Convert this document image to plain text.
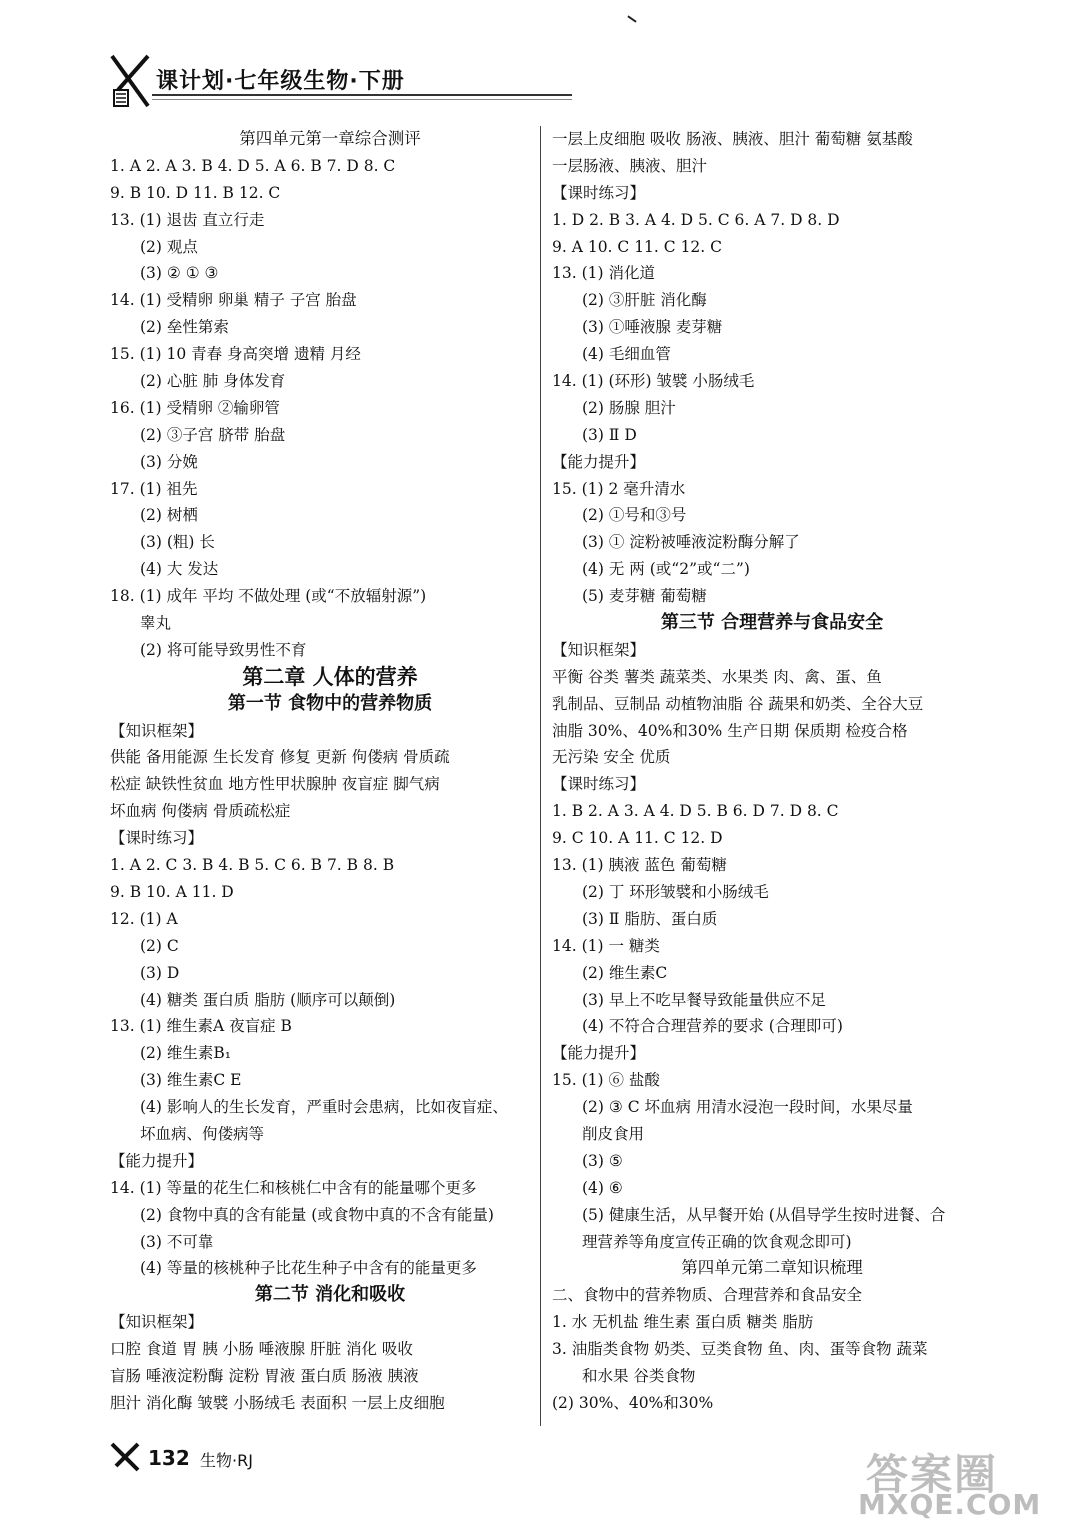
课计划·七年级生物·下册
第四单元第一章综合测评
1. A 2. A 3. B 4. D 5. A 6. B 7. D 8. C
9. B 10. D 11. B 12. C
13. (1) 退齿 直立行走
(2) 观点
(3) ② ① ③
14. (1) 受精卵 卵巢 精子 子宫 胎盘
(2) 垒性第索
15. (1) 10 青春 身高突增 遗精 月经
(2) 心脏 肺 身体发育
16. (1) 受精卵 ②输卵管
(2) ③子宫 脐带 胎盘
(3) 分娩
17. (1) 祖先
(2) 树栖
(3) (粗) 长
(4) 大 发达
18. (1) 成年 平均 不做处理 (或“不放辐射源”)
睾丸
(2) 将可能导致男性不育
第二章 人体的营养
第一节 食物中的营养物质
【知识框架】
供能 备用能源 生长发育 修复 更新 佝偻病 骨质疏
松症 缺铁性贫血 地方性甲状腺肿 夜盲症 脚气病
坏血病 佝偻病 骨质疏松症
【课时练习】
1. A 2. C 3. B 4. B 5. C 6. B 7. B 8. B
9. B 10. A 11. D
12. (1) A
(2) C
(3) D
(4) 糖类 蛋白质 脂肪 (顺序可以颠倒)
13. (1) 维生素A 夜盲症 B
(2) 维生素B₁
(3) 维生素C E
(4) 影响人的生长发育，严重时会患病，比如夜盲症、
坏血病、佝偻病等
【能力提升】
14. (1) 等量的花生仁和核桃仁中含有的能量哪个更多
(2) 食物中真的含有能量 (或食物中真的不含有能量)
(3) 不可靠
(4) 等量的核桃种子比花生种子中含有的能量更多
第二节 消化和吸收
【知识框架】
口腔 食道 胃 胰 小肠 唾液腺 肝脏 消化 吸收
盲肠 唾液淀粉酶 淀粉 胃液 蛋白质 肠液 胰液
胆汁 消化酶 皱襞 小肠绒毛 表面积 一层上皮细胞
一层上皮细胞 吸收 肠液、胰液、胆汁 葡萄糖 氨基酸
一层肠液、胰液、胆汁
【课时练习】
1. D 2. B 3. A 4. D 5. C 6. A 7. D 8. D
9. A 10. C 11. C 12. C
13. (1) 消化道
(2) ③肝脏 消化酶
(3) ①唾液腺 麦芽糖
(4) 毛细血管
14. (1) (环形) 皱襞 小肠绒毛
(2) 肠腺 胆汁
(3) Ⅱ D
【能力提升】
15. (1) 2 毫升清水
(2) ①号和③号
(3) ① 淀粉被唾液淀粉酶分解了
(4) 无 两 (或“2”或“二”)
(5) 麦芽糖 葡萄糖
第三节 合理营养与食品安全
【知识框架】
平衡 谷类 薯类 蔬菜类、水果类 肉、禽、蛋、鱼
乳制品、豆制品 动植物油脂 谷 蔬果和奶类、全谷大豆
油脂 30%、40%和30% 生产日期 保质期 检疫合格
无污染 安全 优质
【课时练习】
1. B 2. A 3. A 4. D 5. B 6. D 7. D 8. C
9. C 10. A 11. C 12. D
13. (1) 胰液 蓝色 葡萄糖
(2) 丁 环形皱襞和小肠绒毛
(3) Ⅱ 脂肪、蛋白质
14. (1) 一 糖类
(2) 维生素C
(3) 早上不吃早餐导致能量供应不足
(4) 不符合合理营养的要求 (合理即可)
【能力提升】
15. (1) ⑥ 盐酸
(2) ③ C 坏血病 用清水浸泡一段时间，水果尽量
削皮食用
(3) ⑤
(4) ⑥
(5) 健康生活，从早餐开始 (从倡导学生按时进餐、合
理营养等角度宣传正确的饮食观念即可)
第四单元第二章知识梳理
二、食物中的营养物质、合理营养和食品安全
1. 水 无机盐 维生素 蛋白质 糖类 脂肪
3. 油脂类食物 奶类、豆类食物 鱼、肉、蛋等食物 蔬菜
和水果 谷类食物
(2) 30%、40%和30%
132 生物·RJ	答案圈
MXQE.COM
